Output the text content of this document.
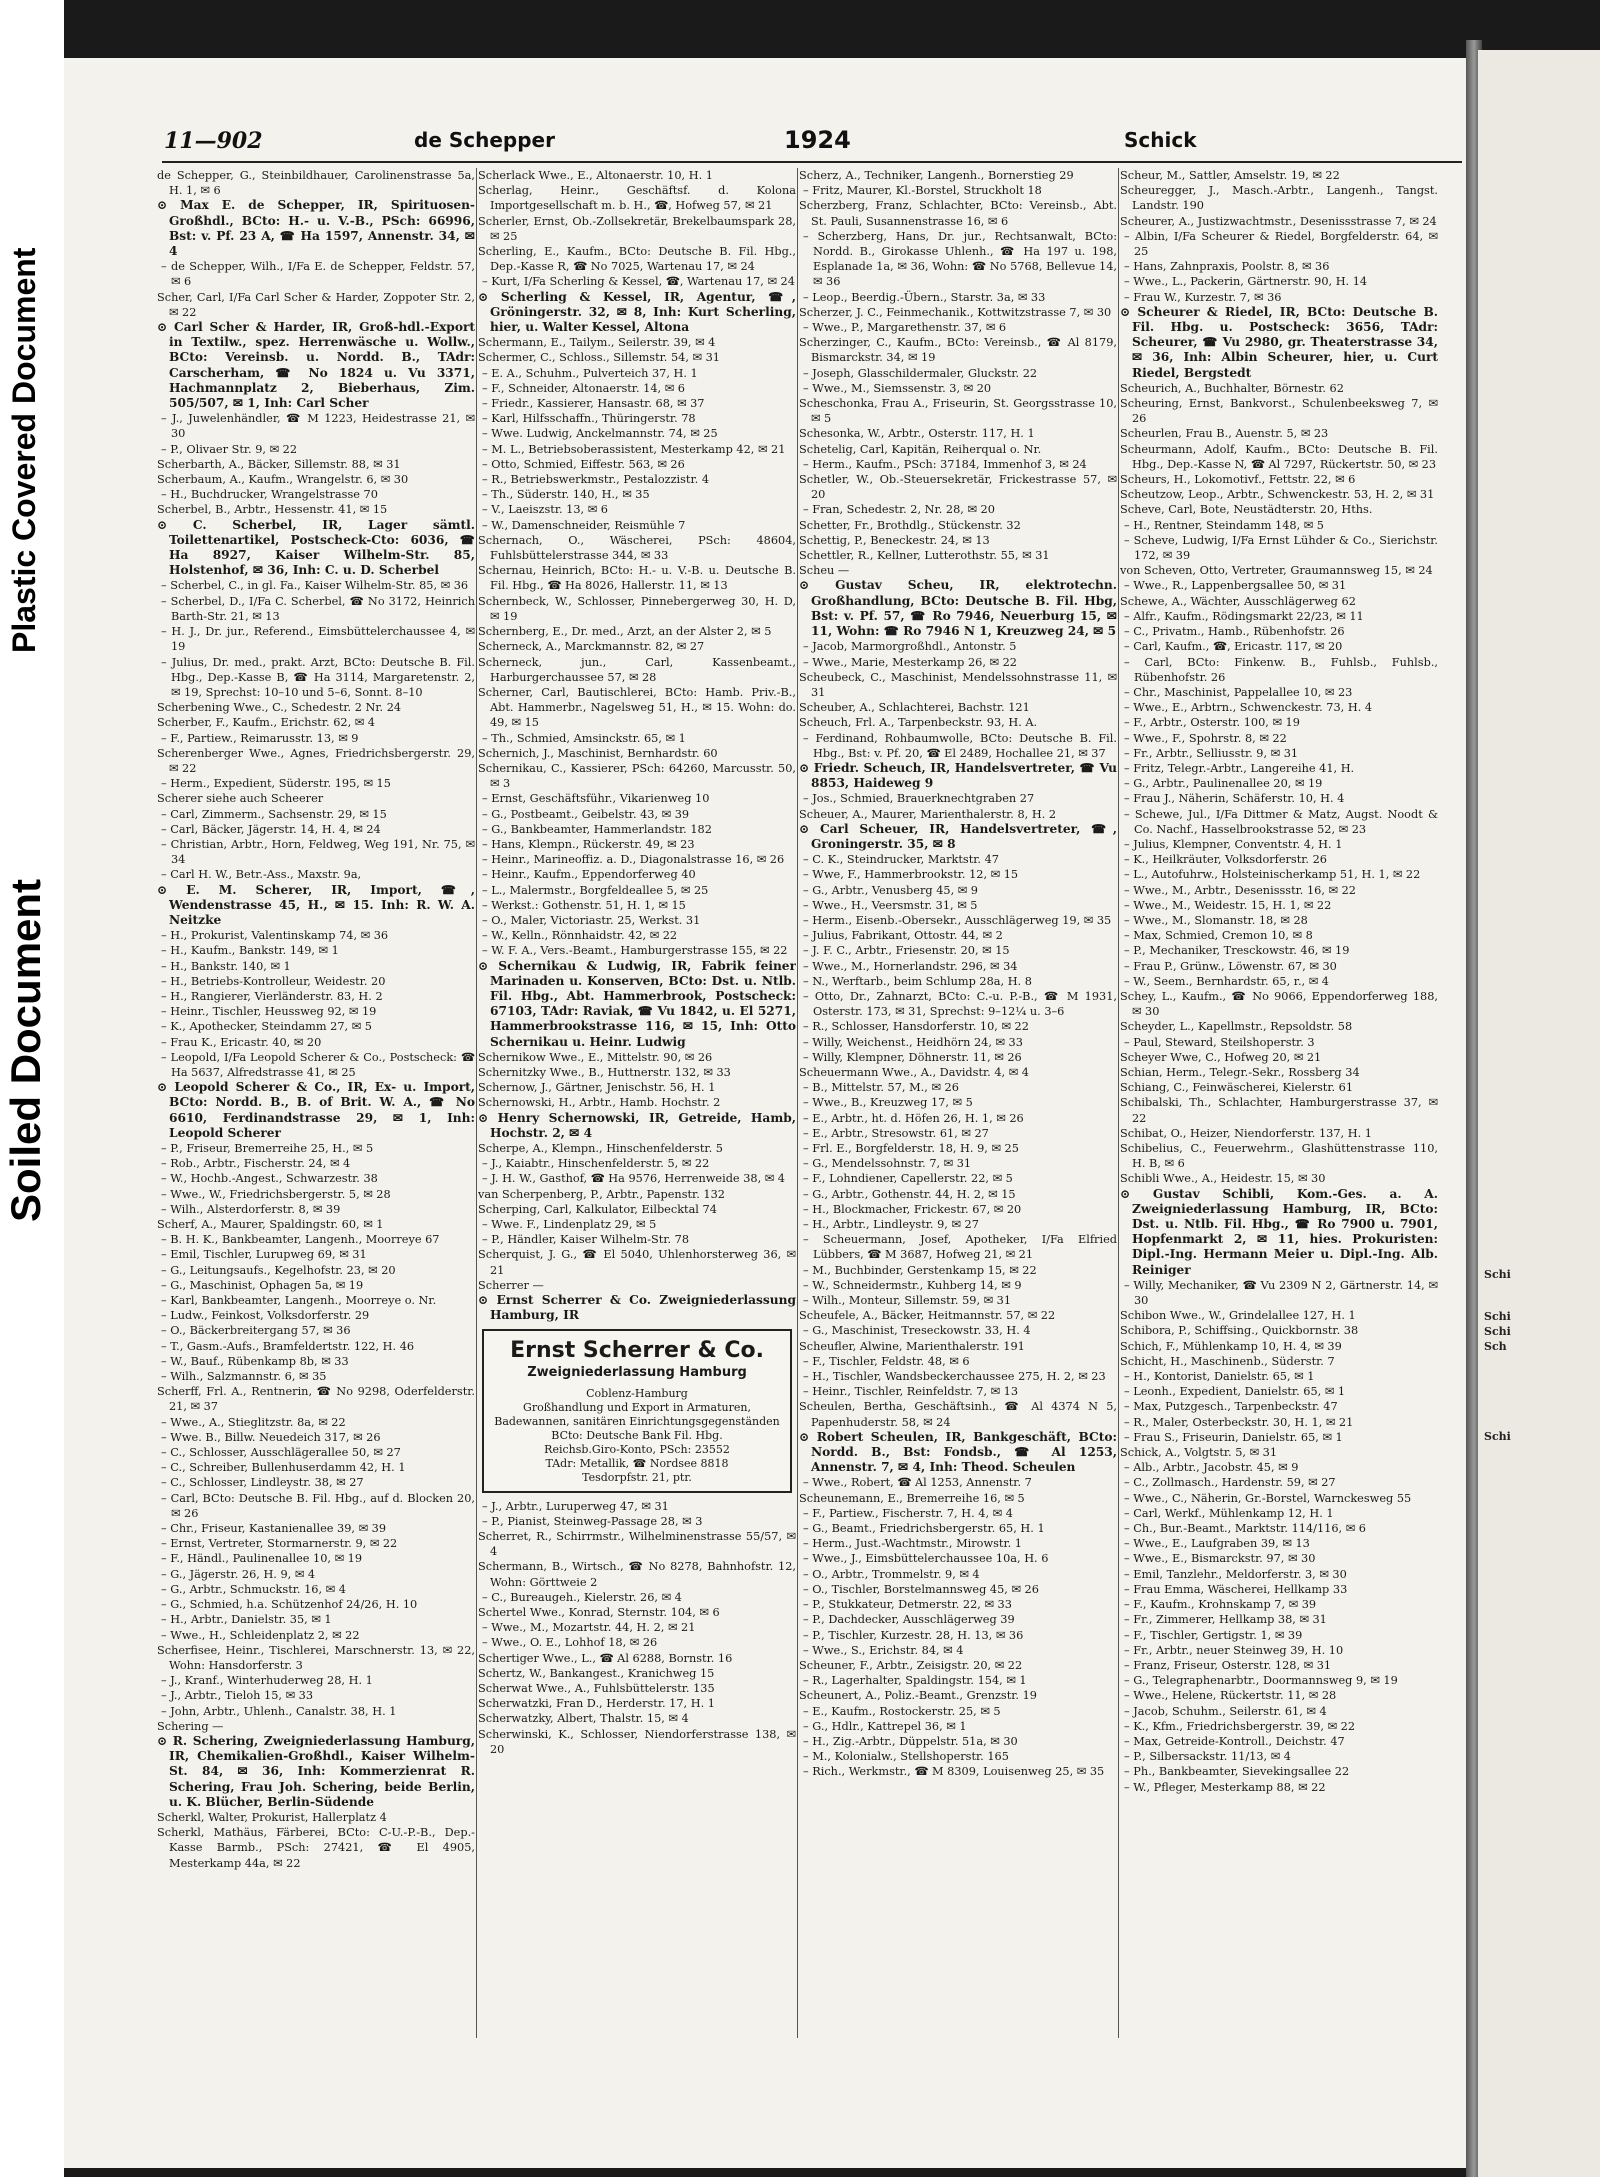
Plastic Covered Document
Soiled Document
11—902	de Schepper	1924	Schick

de Schepper, G., Steinbildhauer, Carolinenstrasse 5a, H. 1, ✉ 6

⊙ Max E. de Schepper, IR, Spirituosen-Großhdl., BCto: H.- u. V.-B., PSch: 66996, Bst: v. Pf. 23 A, ☎ Ha 1597, Annenstr. 34, ✉ 4

– de Schepper, Wilh., I/Fa E. de Schepper, Feldstr. 57, ✉ 6

Scher, Carl, I/Fa Carl Scher & Harder, Zoppoter Str. 2, ✉ 22

⊙ Carl Scher & Harder, IR, Groß-hdl.-Export in Textilw., spez. Herrenwäsche u. Wollw., BCto: Vereinsb. u. Nordd. B., TAdr: Carscherham, ☎ No 1824 u. Vu 3371, Hachmannplatz 2, Bieberhaus, Zim. 505/507, ✉ 1, Inh: Carl Scher

– J., Juwelenhändler, ☎ M 1223, Heidestrasse 21, ✉ 30

– P., Olivaer Str. 9, ✉ 22

Scherbarth, A., Bäcker, Sillemstr. 88, ✉ 31

Scherbaum, A., Kaufm., Wrangelstr. 6, ✉ 30

– H., Buchdrucker, Wrangelstrasse 70

Scherbel, B., Arbtr., Hessenstr. 41, ✉ 15

⊙ C. Scherbel, IR, Lager sämtl. Toilettenartikel, Postscheck-Cto: 6036, ☎ Ha 8927, Kaiser Wilhelm-Str. 85, Holstenhof, ✉ 36, Inh: C. u. D. Scherbel

– Scherbel, C., in gl. Fa., Kaiser Wilhelm-Str. 85, ✉ 36

– Scherbel, D., I/Fa C. Scherbel, ☎ No 3172, Heinrich Barth-Str. 21, ✉ 13

– H. J., Dr. jur., Referend., Eimsbüttelerchaussee 4, ✉ 19

– Julius, Dr. med., prakt. Arzt, BCto: Deutsche B. Fil. Hbg., Dep.-Kasse B, ☎ Ha 3114, Margaretenstr. 2, ✉ 19, Sprechst: 10–10 und 5–6, Sonnt. 8–10

Scherbening Wwe., C., Schedestr. 2 Nr. 24

Scherber, F., Kaufm., Erichstr. 62, ✉ 4

– F., Partiew., Reimarusstr. 13, ✉ 9

Scherenberger Wwe., Agnes, Friedrichsbergerstr. 29, ✉ 22

– Herm., Expedient, Süderstr. 195, ✉ 15

Scherer siehe auch Scheerer

– Carl, Zimmerm., Sachsenstr. 29, ✉ 15

– Carl, Bäcker, Jägerstr. 14, H. 4, ✉ 24

– Christian, Arbtr., Horn, Feldweg, Weg 191, Nr. 75, ✉ 34

– Carl H. W., Betr.-Ass., Maxstr. 9a,

⊙ E. M. Scherer, IR, Import, ☎, Wendenstrasse 45, H., ✉ 15. Inh: R. W. A. Neitzke

– H., Prokurist, Valentinskamp 74, ✉ 36

– H., Kaufm., Bankstr. 149, ✉ 1

– H., Bankstr. 140, ✉ 1

– H., Betriebs-Kontrolleur, Weidestr. 20

– H., Rangierer, Vierländerstr. 83, H. 2

– Heinr., Tischler, Heussweg 92, ✉ 19

– K., Apothecker, Steindamm 27, ✉ 5

– Frau K., Ericastr. 40, ✉ 20

– Leopold, I/Fa Leopold Scherer & Co., Postscheck: ☎ Ha 5637, Alfredstrasse 41, ✉ 25

⊙ Leopold Scherer & Co., IR, Ex- u. Import, BCto: Nordd. B., B. of Brit. W. A., ☎ No 6610, Ferdinandstrasse 29, ✉ 1, Inh: Leopold Scherer

– P., Friseur, Bremerreihe 25, H., ✉ 5

– Rob., Arbtr., Fischerstr. 24, ✉ 4

– W., Hochb.-Angest., Schwarzestr. 38

– Wwe., W., Friedrichsbergerstr. 5, ✉ 28

– Wilh., Alsterdorferstr. 8, ✉ 39

Scherf, A., Maurer, Spaldingstr. 60, ✉ 1

– B. H. K., Bankbeamter, Langenh., Moorreye 67

– Emil, Tischler, Lurupweg 69, ✉ 31

– G., Leitungsaufs., Kegelhofstr. 23, ✉ 20

– G., Maschinist, Ophagen 5a, ✉ 19

– Karl, Bankbeamter, Langenh., Moorreye o. Nr.

– Ludw., Feinkost, Volksdorferstr. 29

– O., Bäckerbreitergang 57, ✉ 36

– T., Gasm.-Aufs., Bramfeldertstr. 122, H. 46

– W., Bauf., Rübenkamp 8b, ✉ 33

– Wilh., Salzmannstr. 6, ✉ 35

Scherff, Frl. A., Rentnerin, ☎ No 9298, Oderfelderstr. 21, ✉ 37

– Wwe., A., Stieglitzstr. 8a, ✉ 22

– Wwe. B., Billw. Neuedeich 317, ✉ 26

– C., Schlosser, Ausschlägerallee 50, ✉ 27

– C., Schreiber, Bullenhuserdamm 42, H. 1

– C., Schlosser, Lindleystr. 38, ✉ 27

– Carl, BCto: Deutsche B. Fil. Hbg., auf d. Blocken 20, ✉ 26

– Chr., Friseur, Kastanienallee 39, ✉ 39

– Ernst, Vertreter, Stormarnerstr. 9, ✉ 22

– F., Händl., Paulinenallee 10, ✉ 19

– G., Jägerstr. 26, H. 9, ✉ 4

– G., Arbtr., Schmuckstr. 16, ✉ 4

– G., Schmied, h.a. Schützenhof 24/26, H. 10

– H., Arbtr., Danielstr. 35, ✉ 1

– Wwe., H., Schleidenplatz 2, ✉ 22

Scherfisee, Heinr., Tischlerei, Marschnerstr. 13, ✉ 22, Wohn: Hansdorferstr. 3

– J., Kranf., Winterhuderweg 28, H. 1

– J., Arbtr., Tieloh 15, ✉ 33

– John, Arbtr., Uhlenh., Canalstr. 38, H. 1

Schering —

⊙ R. Schering, Zweigniederlassung Hamburg, IR, Chemikalien-Großhdl., Kaiser Wilhelm-St. 84, ✉ 36, Inh: Kommerzienrat R. Schering, Frau Joh. Schering, beide Berlin, u. K. Blücher, Berlin-Südende

Scherkl, Walter, Prokurist, Hallerplatz 4

Scherkl, Mathäus, Färberei, BCto: C-U.-P.-B., Dep.-Kasse Barmb., PSch: 27421, ☎ El 4905, Mesterkamp 44a, ✉ 22

Scherlack Wwe., E., Altonaerstr. 10, H. 1

Scherlag, Heinr., Geschäftsf. d. Kolona Importgesellschaft m. b. H., ☎, Hofweg 57, ✉ 21

Scherler, Ernst, Ob.-Zollsekretär, Brekelbaumspark 28, ✉ 25

Scherling, E., Kaufm., BCto: Deutsche B. Fil. Hbg., Dep.-Kasse R, ☎ No 7025, Wartenau 17, ✉ 24

– Kurt, I/Fa Scherling & Kessel, ☎, Wartenau 17, ✉ 24

⊙ Scherling & Kessel, IR, Agentur, ☎, Gröningerstr. 32, ✉ 8, Inh: Kurt Scherling, hier, u. Walter Kessel, Altona

Schermann, E., Tailym., Seilerstr. 39, ✉ 4

Schermer, C., Schloss., Sillemstr. 54, ✉ 31

– E. A., Schuhm., Pulverteich 37, H. 1

– F., Schneider, Altonaerstr. 14, ✉ 6

– Friedr., Kassierer, Hansastr. 68, ✉ 37

– Karl, Hilfsschaffn., Thüringerstr. 78

– Wwe. Ludwig, Anckelmannstr. 74, ✉ 25

– M. L., Betriebsoberassistent, Mesterkamp 42, ✉ 21

– Otto, Schmied, Eiffestr. 563, ✉ 26

– R., Betriebswerkmstr., Pestalozzistr. 4

– Th., Süderstr. 140, H., ✉ 35

– V., Laeiszstr. 13, ✉ 6

– W., Damenschneider, Reismühle 7

Schernach, O., Wäscherei, PSch: 48604, Fuhlsbüttelerstrasse 344, ✉ 33

Schernau, Heinrich, BCto: H.- u. V.-B. u. Deutsche B. Fil. Hbg., ☎ Ha 8026, Hallerstr. 11, ✉ 13

Schernbeck, W., Schlosser, Pinnebergerweg 30, H. D, ✉ 19

Schernberg, E., Dr. med., Arzt, an der Alster 2, ✉ 5

Scherneck, A., Marckmannstr. 82, ✉ 27

Scherneck, jun., Carl, Kassenbeamt., Harburgerchaussee 57, ✉ 28

Scherner, Carl, Bautischlerei, BCto: Hamb. Priv.-B., Abt. Hammerbr., Nagelsweg 51, H., ✉ 15. Wohn: do. 49, ✉ 15

– Th., Schmied, Amsinckstr. 65, ✉ 1

Schernich, J., Maschinist, Bernhardstr. 60

Schernikau, C., Kassierer, PSch: 64260, Marcusstr. 50, ✉ 3

– Ernst, Geschäftsführ., Vikarienweg 10

– G., Postbeamt., Geibelstr. 43, ✉ 39

– G., Bankbeamter, Hammerlandstr. 182

– Hans, Klempn., Rückerstr. 49, ✉ 23

– Heinr., Marineoffiz. a. D., Diagonalstrasse 16, ✉ 26

– Heinr., Kaufm., Eppendorferweg 40

– L., Malermstr., Borgfeldeallee 5, ✉ 25

– Werkst.: Gothenstr. 51, H. 1, ✉ 15

– O., Maler, Victoriastr. 25, Werkst. 31

– W., Kelln., Rönnhaidstr. 42, ✉ 22

– W. F. A., Vers.-Beamt., Hamburgerstrasse 155, ✉ 22

⊙ Schernikau & Ludwig, IR, Fabrik feiner Marinaden u. Konserven, BCto: Dst. u. Ntlb. Fil. Hbg., Abt. Hammerbrook, Postscheck: 67103, TAdr: Raviak, ☎ Vu 1842, u. El 5271, Hammerbrookstrasse 116, ✉ 15, Inh: Otto Schernikau u. Heinr. Ludwig

Schernikow Wwe., E., Mittelstr. 90, ✉ 26

Schernitzky Wwe., B., Huttnerstr. 132, ✉ 33

Schernow, J., Gärtner, Jenischstr. 56, H. 1

Schernowski, H., Arbtr., Hamb. Hochstr. 2

⊙ Henry Schernowski, IR, Getreide, Hamb, Hochstr. 2, ✉ 4

Scherpe, A., Klempn., Hinschenfelderstr. 5

– J., Kaiabtr., Hinschenfelderstr. 5, ✉ 22

– J. H. W., Gasthof, ☎ Ha 9576, Herrenweide 38, ✉ 4

van Scherpenberg, P., Arbtr., Papenstr. 132

Scherping, Carl, Kalkulator, Eilbecktal 74

– Wwe. F., Lindenplatz 29, ✉ 5

– P., Händler, Kaiser Wilhelm-Str. 78

Scherquist, J. G., ☎ El 5040, Uhlenhorsterweg 36, ✉ 21

Scherrer —

⊙ Ernst Scherrer & Co. Zweigniederlassung Hamburg, IR

Ernst Scherrer & Co.
Zweigniederlassung Hamburg
Coblenz-Hamburg
Großhandlung und Export in Armaturen, Badewannen, sanitären Einrichtungsgegenständen
BCto: Deutsche Bank Fil. Hbg.
Reichsb.Giro-Konto, PSch: 23552
TAdr: Metallik, ☎ Nordsee 8818
Tesdorpfstr. 21, ptr.

– J., Arbtr., Luruperweg 47, ✉ 31

– P., Pianist, Steinweg-Passage 28, ✉ 3

Scherret, R., Schirrmstr., Wilhelminenstrasse 55/57, ✉ 4

Schermann, B., Wirtsch., ☎ No 8278, Bahnhofstr. 12, Wohn: Görttweie 2

– C., Bureaugeh., Kielerstr. 26, ✉ 4

Schertel Wwe., Konrad, Sternstr. 104, ✉ 6

– Wwe., M., Mozartstr. 44, H. 2, ✉ 21

– Wwe., O. E., Lohhof 18, ✉ 26

Schertiger Wwe., L., ☎ Al 6288, Bornstr. 16

Schertz, W., Bankangest., Kranichweg 15

Scherwat Wwe., A., Fuhlsbüttelerstr. 135

Scherwatzki, Fran D., Herderstr. 17, H. 1

Scherwatzky, Albert, Thalstr. 15, ✉ 4

Scherwinski, K., Schlosser, Niendorferstrasse 138, ✉ 20

Scherz, A., Techniker, Langenh., Bornerstieg 29

– Fritz, Maurer, Kl.-Borstel, Struckholt 18

Scherzberg, Franz, Schlachter, BCto: Vereinsb., Abt. St. Pauli, Susannenstrasse 16, ✉ 6

– Scherzberg, Hans, Dr. jur., Rechtsanwalt, BCto: Nordd. B., Girokasse Uhlenh., ☎ Ha 197 u. 198, Esplanade 1a, ✉ 36, Wohn: ☎ No 5768, Bellevue 14, ✉ 36

– Leop., Beerdig.-Übern., Starstr. 3a, ✉ 33

Scherzer, J. C., Feinmechanik., Kottwitzstrasse 7, ✉ 30

– Wwe., P., Margarethenstr. 37, ✉ 6

Scherzinger, C., Kaufm., BCto: Vereinsb., ☎ Al 8179, Bismarckstr. 34, ✉ 19

– Joseph, Glasschildermaler, Gluckstr. 22

– Wwe., M., Siemssenstr. 3, ✉ 20

Scheschonka, Frau A., Friseurin, St. Georgsstrasse 10, ✉ 5

Schesonka, W., Arbtr., Osterstr. 117, H. 1

Schetelig, Carl, Kapitän, Reiherqual o. Nr.

– Herm., Kaufm., PSch: 37184, Immenhof 3, ✉ 24

Schetler, W., Ob.-Steuersekretär, Frickestrasse 57, ✉ 20

– Fran, Schedestr. 2, Nr. 28, ✉ 20

Schetter, Fr., Brothdlg., Stückenstr. 32

Schettig, P., Beneckestr. 24, ✉ 13

Schettler, R., Kellner, Lutterothstr. 55, ✉ 31

Scheu —

⊙ Gustav Scheu, IR, elektrotechn. Großhandlung, BCto: Deutsche B. Fil. Hbg, Bst: v. Pf. 57, ☎ Ro 7946, Neuerburg 15, ✉ 11, Wohn: ☎ Ro 7946 N 1, Kreuzweg 24, ✉ 5

– Jacob, Marmorgroßhdl., Antonstr. 5

– Wwe., Marie, Mesterkamp 26, ✉ 22

Scheubeck, C., Maschinist, Mendelssohnstrasse 11, ✉ 31

Scheuber, A., Schlachterei, Bachstr. 121

Scheuch, Frl. A., Tarpenbeckstr. 93, H. A.

– Ferdinand, Rohbaumwolle, BCto: Deutsche B. Fil. Hbg., Bst: v. Pf. 20, ☎ El 2489, Hochallee 21, ✉ 37

⊙ Friedr. Scheuch, IR, Handelsvertreter, ☎ Vu 8853, Haideweg 9

– Jos., Schmied, Brauerknechtgraben 27

Scheuer, A., Maurer, Marienthalerstr. 8, H. 2

⊙ Carl Scheuer, IR, Handelsvertreter, ☎, Groningerstr. 35, ✉ 8

– C. K., Steindrucker, Marktstr. 47

– Wwe, F., Hammerbrookstr. 12, ✉ 15

– G., Arbtr., Venusberg 45, ✉ 9

– Wwe., H., Veersmstr. 31, ✉ 5

– Herm., Eisenb.-Obersekr., Ausschlägerweg 19, ✉ 35

– Julius, Fabrikant, Ottostr. 44, ✉ 2

– J. F. C., Arbtr., Friesenstr. 20, ✉ 15

– Wwe., M., Hornerlandstr. 296, ✉ 34

– N., Werftarb., beim Schlump 28a, H. 8

– Otto, Dr., Zahnarzt, BCto: C.-u. P.-B., ☎ M 1931, Osterstr. 173, ✉ 31, Sprechst: 9–12¼ u. 3–6

– R., Schlosser, Hansdorferstr. 10, ✉ 22

– Willy, Weichenst., Heidhörn 24, ✉ 33

– Willy, Klempner, Döhnerstr. 11, ✉ 26

Scheuermann Wwe., A., Davidstr. 4, ✉ 4

– B., Mittelstr. 57, M., ✉ 26

– Wwe., B., Kreuzweg 17, ✉ 5

– E., Arbtr., ht. d. Höfen 26, H. 1, ✉ 26

– E., Arbtr., Stresowstr. 61, ✉ 27

– Frl. E., Borgfelderstr. 18, H. 9, ✉ 25

– G., Mendelssohnstr. 7, ✉ 31

– F., Lohndiener, Capellerstr. 22, ✉ 5

– G., Arbtr., Gothenstr. 44, H. 2, ✉ 15

– H., Blockmacher, Frickestr. 67, ✉ 20

– H., Arbtr., Lindleystr. 9, ✉ 27

– Scheuermann, Josef, Apotheker, I/Fa Elfried Lübbers, ☎ M 3687, Hofweg 21, ✉ 21

– M., Buchbinder, Gerstenkamp 15, ✉ 22

– W., Schneidermstr., Kuhberg 14, ✉ 9

– Wilh., Monteur, Sillemstr. 59, ✉ 31

Scheufele, A., Bäcker, Heitmannstr. 57, ✉ 22

– G., Maschinist, Treseckowstr. 33, H. 4

Scheufler, Alwine, Marienthalerstr. 191

– F., Tischler, Feldstr. 48, ✉ 6

– H., Tischler, Wandsbeckerchaussee 275, H. 2, ✉ 23

– Heinr., Tischler, Reinfeldstr. 7, ✉ 13

Scheulen, Bertha, Geschäftsinh., ☎ Al 4374 N 5, Papenhuderstr. 58, ✉ 24

⊙ Robert Scheulen, IR, Bankgeschäft, BCto: Nordd. B., Bst: Fondsb., ☎ Al 1253, Annenstr. 7, ✉ 4, Inh: Theod. Scheulen

– Wwe., Robert, ☎ Al 1253, Annenstr. 7

Scheunemann, E., Bremerreihe 16, ✉ 5

– F., Partiew., Fischerstr. 7, H. 4, ✉ 4

– G., Beamt., Friedrichsbergerstr. 65, H. 1

– Herm., Just.-Wachtmstr., Mirowstr. 1

– Wwe., J., Eimsbüttelerchaussee 10a, H. 6

– O., Arbtr., Trommelstr. 9, ✉ 4

– O., Tischler, Borstelmannsweg 45, ✉ 26

– P., Stukkateur, Detmerstr. 22, ✉ 33

– P., Dachdecker, Ausschlägerweg 39

– P., Tischler, Kurzestr. 28, H. 13, ✉ 36

– Wwe., S., Erichstr. 84, ✉ 4

Scheuner, F., Arbtr., Zeisigstr. 20, ✉ 22

– R., Lagerhalter, Spaldingstr. 154, ✉ 1

Scheunert, A., Poliz.-Beamt., Grenzstr. 19

– E., Kaufm., Rostockerstr. 25, ✉ 5

– G., Hdlr., Kattrepel 36, ✉ 1

– H., Zig.-Arbtr., Düppelstr. 51a, ✉ 30

– M., Kolonialw., Stellshoperstr. 165

– Rich., Werkmstr., ☎ M 8309, Louisenweg 25, ✉ 35

Scheur, M., Sattler, Amselstr. 19, ✉ 22

Scheuregger, J., Masch.-Arbtr., Langenh., Tangst. Landstr. 190

Scheurer, A., Justizwachtmstr., Desenissstrasse 7, ✉ 24

– Albin, I/Fa Scheurer & Riedel, Borgfelderstr. 64, ✉ 25

– Hans, Zahnpraxis, Poolstr. 8, ✉ 36

– Wwe., L., Packerin, Gärtnerstr. 90, H. 14

– Frau W., Kurzestr. 7, ✉ 36

⊙ Scheurer & Riedel, IR, BCto: Deutsche B. Fil. Hbg. u. Postscheck: 3656, TAdr: Scheurer, ☎ Vu 2980, gr. Theaterstrasse 34, ✉ 36, Inh: Albin Scheurer, hier, u. Curt Riedel, Bergstedt

Scheurich, A., Buchhalter, Börnestr. 62

Scheuring, Ernst, Bankvorst., Schulenbeeksweg 7, ✉ 26

Scheurlen, Frau B., Auenstr. 5, ✉ 23

Scheurmann, Adolf, Kaufm., BCto: Deutsche B. Fil. Hbg., Dep.-Kasse N, ☎ Al 7297, Rückertstr. 50, ✉ 23

Scheurs, H., Lokomotivf., Fettstr. 22, ✉ 6

Scheutzow, Leop., Arbtr., Schwenckestr. 53, H. 2, ✉ 31

Scheve, Carl, Bote, Neustädterstr. 20, Hths.

– H., Rentner, Steindamm 148, ✉ 5

– Scheve, Ludwig, I/Fa Ernst Lühder & Co., Sierichstr. 172, ✉ 39

von Scheven, Otto, Vertreter, Graumannsweg 15, ✉ 24

– Wwe., R., Lappenbergsallee 50, ✉ 31

Schewe, A., Wächter, Ausschlägerweg 62

– Alfr., Kaufm., Rödingsmarkt 22/23, ✉ 11

– C., Privatm., Hamb., Rübenhofstr. 26

– Carl, Kaufm., ☎, Ericastr. 117, ✉ 20

– Carl, BCto: Finkenw. B., Fuhlsb., Fuhlsb., Rübenhofstr. 26

– Chr., Maschinist, Pappelallee 10, ✉ 23

– Wwe., E., Arbtrn., Schwenckestr. 73, H. 4

– F., Arbtr., Osterstr. 100, ✉ 19

– Wwe., F., Spohrstr. 8, ✉ 22

– Fr., Arbtr., Selliusstr. 9, ✉ 31

– Fritz, Telegr.-Arbtr., Langereihe 41, H.

– G., Arbtr., Paulinenallee 20, ✉ 19

– Frau J., Näherin, Schäferstr. 10, H. 4

– Schewe, Jul., I/Fa Dittmer & Matz, Augst. Noodt & Co. Nachf., Hasselbrookstrasse 52, ✉ 23

– Julius, Klempner, Conventstr. 4, H. 1

– K., Heilkräuter, Volksdorferstr. 26

– L., Autofuhrw., Holsteinischerkamp 51, H. 1, ✉ 22

– Wwe., M., Arbtr., Desenissstr. 16, ✉ 22

– Wwe., M., Weidestr. 15, H. 1, ✉ 22

– Wwe., M., Slomanstr. 18, ✉ 28

– Max, Schmied, Cremon 10, ✉ 8

– P., Mechaniker, Tresckowstr. 46, ✉ 19

– Frau P., Grünw., Löwenstr. 67, ✉ 30

– W., Seem., Bernhardstr. 65, r., ✉ 4

Schey, L., Kaufm., ☎ No 9066, Eppendorferweg 188, ✉ 30

Scheyder, L., Kapellmstr., Repsoldstr. 58

– Paul, Steward, Steilshoperstr. 3

Scheyer Wwe, C., Hofweg 20, ✉ 21

Schian, Herm., Telegr.-Sekr., Rossberg 34

Schiang, C., Feinwäscherei, Kielerstr. 61

Schibalski, Th., Schlachter, Hamburgerstrasse 37, ✉ 22

Schibat, O., Heizer, Niendorferstr. 137, H. 1

Schibelius, C., Feuerwehrm., Glashüttenstrasse 110, H. B, ✉ 6

Schibli Wwe., A., Heidestr. 15, ✉ 30

⊙ Gustav Schibli, Kom.-Ges. a. A. Zweigniederlassung Hamburg, IR, BCto: Dst. u. Ntlb. Fil. Hbg., ☎ Ro 7900 u. 7901, Hopfenmarkt 2, ✉ 11, hies. Prokuristen: Dipl.-Ing. Hermann Meier u. Dipl.-Ing. Alb. Reiniger

– Willy, Mechaniker, ☎ Vu 2309 N 2, Gärtnerstr. 14, ✉ 30

Schibon Wwe., W., Grindelallee 127, H. 1

Schibora, P., Schiffsing., Quickbornstr. 38

Schich, F., Mühlenkamp 10, H. 4, ✉ 39

Schicht, H., Maschinenb., Süderstr. 7

– H., Kontorist, Danielstr. 65, ✉ 1

– Leonh., Expedient, Danielstr. 65, ✉ 1

– Max, Putzgesch., Tarpenbeckstr. 47

– R., Maler, Osterbeckstr. 30, H. 1, ✉ 21

– Frau S., Friseurin, Danielstr. 65, ✉ 1

Schick, A., Volgtstr. 5, ✉ 31

– Alb., Arbtr., Jacobstr. 45, ✉ 9

– C., Zollmasch., Hardenstr. 59, ✉ 27

– Wwe., C., Näherin, Gr.-Borstel, Warnckesweg 55

– Carl, Werkf., Mühlenkamp 12, H. 1

– Ch., Bur.-Beamt., Marktstr. 114/116, ✉ 6

– Wwe., E., Laufgraben 39, ✉ 13

– Wwe., E., Bismarckstr. 97, ✉ 30

– Emil, Tanzlehr., Meldorferstr. 3, ✉ 30

– Frau Emma, Wäscherei, Hellkamp 33

– F., Kaufm., Krohnskamp 7, ✉ 39

– Fr., Zimmerer, Hellkamp 38, ✉ 31

– F., Tischler, Gertigstr. 1, ✉ 39

– Fr., Arbtr., neuer Steinweg 39, H. 10

– Franz, Friseur, Osterstr. 128, ✉ 31

– G., Telegraphenarbtr., Doormannsweg 9, ✉ 19

– Wwe., Helene, Rückertstr. 11, ✉ 28

– Jacob, Schuhm., Seilerstr. 61, ✉ 4

– K., Kfm., Friedrichsbergerstr. 39, ✉ 22

– Max, Getreide-Kontroll., Deichstr. 47

– P., Silbersackstr. 11/13, ✉ 4

– Ph., Bankbeamter, Sievekingsallee 22

– W., Pfleger, Mesterkamp 88, ✉ 22

Schi
Schi
Schi
Sch
Schi
